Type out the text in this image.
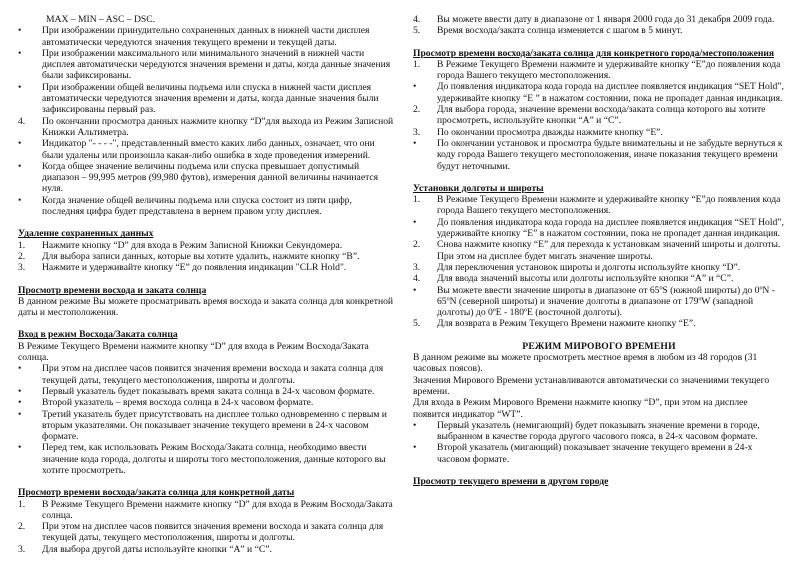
MAX – MIN – ASC – DSC.

•	При изображении принудительно сохраненных данных в нижней части дисплея автоматически чередуются значения текущего времени и текущей даты.
•	При изображении максимального или минимального значений в нижней части дисплея автоматически чередуются значения времени и даты, когда данные значения были зафиксированы.
•	При изображении общей величины подъема или спуска в нижней части дисплея автоматически чередуются значения времени и даты, когда данные значения были зафиксированы первый раз.
4.	По окончании просмотра данных нажмите кнопку “D”для выхода из Режим Записной Книжки Альтиметра.
•	Индикатор "- - - -", представленный вместо каких либо данных, означает, что они были удалены или произошла какая-либо ошибка в ходе проведения измерений.
•	Когда общее значение величины подъема или спуска превышает допустимый диапазон – 99,995 метров (99,980 футов), измерения данной величины начинается нуля.
•	Когда значение общей величины подъема или спуска состоит из пяти цифр, последняя цифра будет представлена в вернем правом углу дисплея.

Удаление сохраненных данных

1.	Нажмите кнопку “D” для входа в Режим Записной Книжки Секундомера.
2.	Для выбора записи данных, которые вы хотите удалить, нажмите кнопку “B”.
3.	Нажмите и удерживайте кнопку “E” до появления индикации "CLR Hold".

Просмотр времени восхода и заката солнца

В данном режиме Вы можете просматривать время восхода и заката солнца для конкретной даты и местоположения.

Вход в режим Восхода/Заката солнца

В Режиме Текущего Времени нажмите кнопку “D” для входа в Режим Восхода/Заката солнца.

•	При этом на дисплее часов появится значения времени восхода и заката солнца для текущей даты, текущего местоположения, широты и долготы.
•	Первый указатель будет показывать время заката солнца в 24-х часовом формате.
•	Второй указатель – время восхода солнца в 24-х часовом формате.
•	Третий указатель будет присутствовать на дисплее только одновременно с первым и вторым указателями. Он показывает значение текущего времени в 24-х часовом формате.
•	Перед тем, как использовать Режим Восхода/Заката солнца, необходимо ввести значение кода города, долготы и широты того местоположения, данные которого вы хотите просмотреть.

Просмотр времени восхода/заката солнца для конкретной даты

1.	В Режиме Текущего Времени нажмите кнопку “D” для входа в Режим Восхода/Заката солнца.
2.	При этом на дисплее часов появится значения времени восхода и заката солнца для текущей даты, текущего местоположения, широты и долготы.
3.	Для выбора другой даты используйте кнопки “A” и “C”.
4.	Вы можете ввести дату в диапазоне от 1 января 2000 года до 31 декабря 2009 года.
5.	Время восхода/заката солнца изменяется с шагом в 5 минут.

Просмотр времени восхода/заката солнца для конкретного города/местоположения

1.	В Режиме Текущего Времени нажмите и удерживайте кнопку “E”до появления кода города Вашего текущего местоположения.
•	До появления индикатора кода города на дисплее появляется индикация “SET Hold”, удерживайте кнопку “E ” в нажатом состоянии, пока не пропадет данная индикация.
2.	Для выбора города, значение времени восхода/заката солнца которого вы хотите просмотреть, используйте кнопки “A” и “C”.
3.	По окончании просмотра дважды нажмите кнопку “E”.
•	По окончании установок и просмотра будьте внимательны и не забудьте вернуться к коду города Вашего текущего местоположения, иначе показания текущего времени будут неточными.

Установки долготы и широты

1.	В Режиме Текущего Времени нажмите и удерживайте кнопку “E”до появления кода города Вашего текущего местоположения.
•	До появления индикатора кода города на дисплее появляется индикация “SET Hold”, удерживайте кнопку “E” в нажатом состоянии, пока не пропадет данная индикация.
2.	Снова нажмите кнопку “E” для перехода к установкам значений широты и долготы. При этом на дисплее будет мигать значение широты.
3.	Для переключения установок широты и долготы используйте кнопку “D”.
4.	Для ввода значений высоты или долготы используйте кнопки “A” и “C”.
•	Вы можете ввести значение широты в диапазоне от 65ºS (южной широты) до 0ºN - 65ºN (северной широты) и значение долготы в диапазоне от 179ºW (западной долготы) до 0ºE - 180ºE (восточной долготы).
5.	Для возврата в Режим Текущего Времени нажмите кнопку “E”.

РЕЖИМ МИРОВОГО ВРЕМЕНИ

В данном режиме вы можете просмотреть местное время в любом из 48 городов (31 часовых поясов).

Значения Мирового Времени устанавливаются автоматически со значениями текущего времени.

Для входа в Режим Мирового Времени нажмите кнопку “D”, при этом на дисплее появится индикатор “WT”.

•	Первый указатель (немигающий) будет показывать значение времени в городе, выбранном в качестве города другого часового пояса, в 24-х часовом формате.
•	Второй указатель (мигающий) показывает значение текущего времени в 24-х часовом формате.

Просмотр текущего времени в другом городе
